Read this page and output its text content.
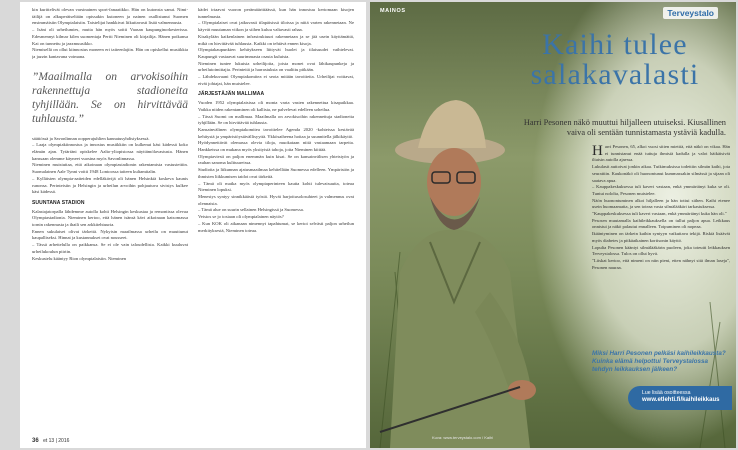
kin kurittelivät olevan varsinainen sport-fanaatikko. Hän on kutonsta sanut. Nimi-täilijä on alkuperäiseltään opissakin kutoneen ja nainen osallistunut Suomen ensimmäisiin Olympialaisiin. Taistelijat hankkivat liikuttavasti lisää valmennusta.

– Isäni oli urheilumies, mutta hän myös soitti Vaasan kaupunginorkesterissa. Edesmennyt kilmar kilen suomentaja Pertti Nieminen oli kirjailija. Hänen poikansa Kai on tunnettu ja jazzmuusikko.

Niemisellä on ollut kiinnostus moneen eri taiteenlajiin. Hän on opiskellut musiikkia ja jazzin kantavana voimana.

”Maailmalla on arvokisoihin rakennettuja stadioneita tyhjillään. Se on hirvittävää tuhlausta.”

säätiössä ja Savonlinnan oopperajuhlien kannatusyhdistyksessä.

– Laaja olympiakiinnostus ja innostus musiikkiin on kulkenut käsi kädessä koko elämän ajan. Tytärtäni opiskelee Aalto-yliopistossa näyttämölavastusta. Hänen kanssaan olemme käyneet vuosina myös Savonlinnassa.

Nieminen muistuttaa, että aikoinaan olympiastadionin rakentamista vastustettiin. Suomalainen Aale Tynni voitti 1948 Lontoossa taiteen kultamitalin.

– Kylläisten olympia-aatteiden edelläkävijä oli hänen Helsinkiä koskeva kaunis runonsa. Perinteisiin ja Helsingin ja urheilun arvoihin pohjautuva sivistys kulkee käsi kädessä.

SUUNTANA STADION

Kalastajatorpalla lähdemme autolla kohti Helsingin keskustaa ja remontissa olevaa Olympiastadionia. Nieminen kertoo, että hänen isänsä kävi aikoinaan katsomassa tornin rakennusta ja ihaili sen arkkitehtuuria.

Ennen sukulaiset olivat tärkeitä. Nykyisin maailmassa urheilu on muuttunut kaupalliseksi. Hinnat ja kustannukset ovat nousseet.

– Tässä arhettelulla on paikkansa. Se ei ole vain taloudellista. Kaikki kuuluvat urheilukoulun piiriin.

Keskustelu kääntyy Rion olympialaisiin. Nieminen

kädet irtaavat vuoron perämäärittäässä, kun hän innostuu kertomaan kisojen tunnelmasta.

– Olympialaiset ovat jatkuvasti tilapäisissä tiloissa ja niitä varten rakennetaan. Ne käyvät muutaman viikon ja siihen kuluu valtavasti rahaa.

Kisakylään kaikenlainen infrastruktuuri rakennetaan ja se jää usein käyttämättä, mikä on hirvittävää tuhlausta. Kaikki on tehtävä ennen kisoja.

Olympiakaupunkien kehitykseen liittyvät huolet ja tilaisuudet vaihtelevat. Kaupungit vastaavat suurimmasta osasta kuluista.

Nieminen tuntee lukuisia urheilijoita, joista monet ovat lähikaupunkeja ja urheilutoimittajia. Perinteitä ja harrastuksia on vaalittu pitkään.

– Lähdekuvaani Olympiakomitea ei seota mitään tavoitteita. Urheilijat voittavat, eivät johtajat, hän muistelee.

JÄRJESTÄJÄN MALLIMAA

Vuoden 1952 olympialaisissa oli monta varta vasten rakennettua kisapaikkaa. Vaikka niiden rakentaminen oli kallista, ne palvelevat edelleen urheilua.

– Tässä Suomi on mallimaa. Maailmalla on arvokisoihin rakennettuja stadioneita tyhjillään. Se on hirvittävää tuhlausta.

Kansainvälinen olympiakomitea tavoittelee Agenda 2020 -kohteissa kestävää kehitystä ja ympäristöystävällisyyttä. Ykkösaiheena hoitaa ja suunnitella jälkikäyttö.

Hyödynnettävät olemassa olevia tiloja, muokataan niitä vastaamaan tarpeita. Hankkeissa on mukana myös yksityisiä tahoja, joita Nieminen kiittää.

Olympiaviesti on paljon enemmän kuin kisat. Se on kansainvälisen yhteistyön ja rauhan sanoma kulttuureissa.

Studioita ja liikunnan ajatusmaailmaa kehitellään Suomessa edelleen. Ympäristön ja ihmisten liikkumisen taidot ovat tärkeitä.

– Tämä oli matka myös olympiaperinteen kautta kohti tulevaisuutta, toteaa Nieminen lopuksi.

Menestys syntyy sinnikkäästä työstä. Hyvät harjoitusolosuhteet ja valmennus ovat olennaisia.

– Tämä alue on suurin sellainen Helsingissä ja Suomessa.

Veistos se jo tosiaan oli olympialainen näytös?

– Kun KOK oli aikanaan nimennyt tapahtumat, se kertoi selvästi paljon urheilun merkityksestä, Nieminen toteaa.

36 et 13 | 2016
MAINOS	Terveystalo
Kaihi tulee
salakavalasti
Harri Pesonen näkö muuttui hiljalleen utuiseksi. Kiusallinen vaiva oli sentään tunnistamasta ystäviä kadulla.
H arri Pesonen, 65, alkoi vuosi sitten miettiä, että näkö on vikaa. Hän ei tunnistanut enää tuttuja ihmisiä kadulla ja valot häikäisivät iltaisin autolla ajaessa.

Lukulasit auttoivat jonkin aikaa. Tutkimuksissa todettiin silmän kaihi, jota seurattiin. Kaukonäkö oli huonontunut kummassakin silmässä ja sijaan oli saatava apua.

– Kauppakeskuksessa tuli kaveri vastaan, enkä ymmärtänyt kuka se oli. Tuntui nololta, Pesonen muistelee.

Näön huonontuminen alkoi hiljalleen ja hän tottui siihen. Kaihi etenee usein huomaamatta, ja sen toteaa vasta silmälääkäri tarkastuksessa.

"Kauppakeskuksessa tuli kaveri vastaan, enkä ymmärtänyt kuka hän oli."

Pesosen muutamalla kaihileikkauksella on tullut paljon apua. Leikkaus onnistui ja näkö palautui ennalleen. Toipuminen oli nopeaa.

Ikääntyminen on tärkein kaihin syntyyn vaikuttava tekijä. Riskiä lisäävät myös diabetes ja pitkäaikainen kortisonin käyttö.

Lopulta Pesonen kääntyi silmälääkärin puoleen, joka toteutti leikkauksen Terveystalossa. Tulos on ollut hyvä.

"Liiskat kertoo, että nimeni on niin pieni, etten nähnyt sitä ilman laseja", Pesonen nauraa.

Miksi Harri Pesonen pelkäsi kaihileikkausta? Kuinka elämä helpottui Terveystalossa tehdyn leikkauksen jälkeen?
Lue lisää osoitteessa
www.etlehti.fi/kaihileikkaus
Kuva: www.terveystalo.com / Kaihi
